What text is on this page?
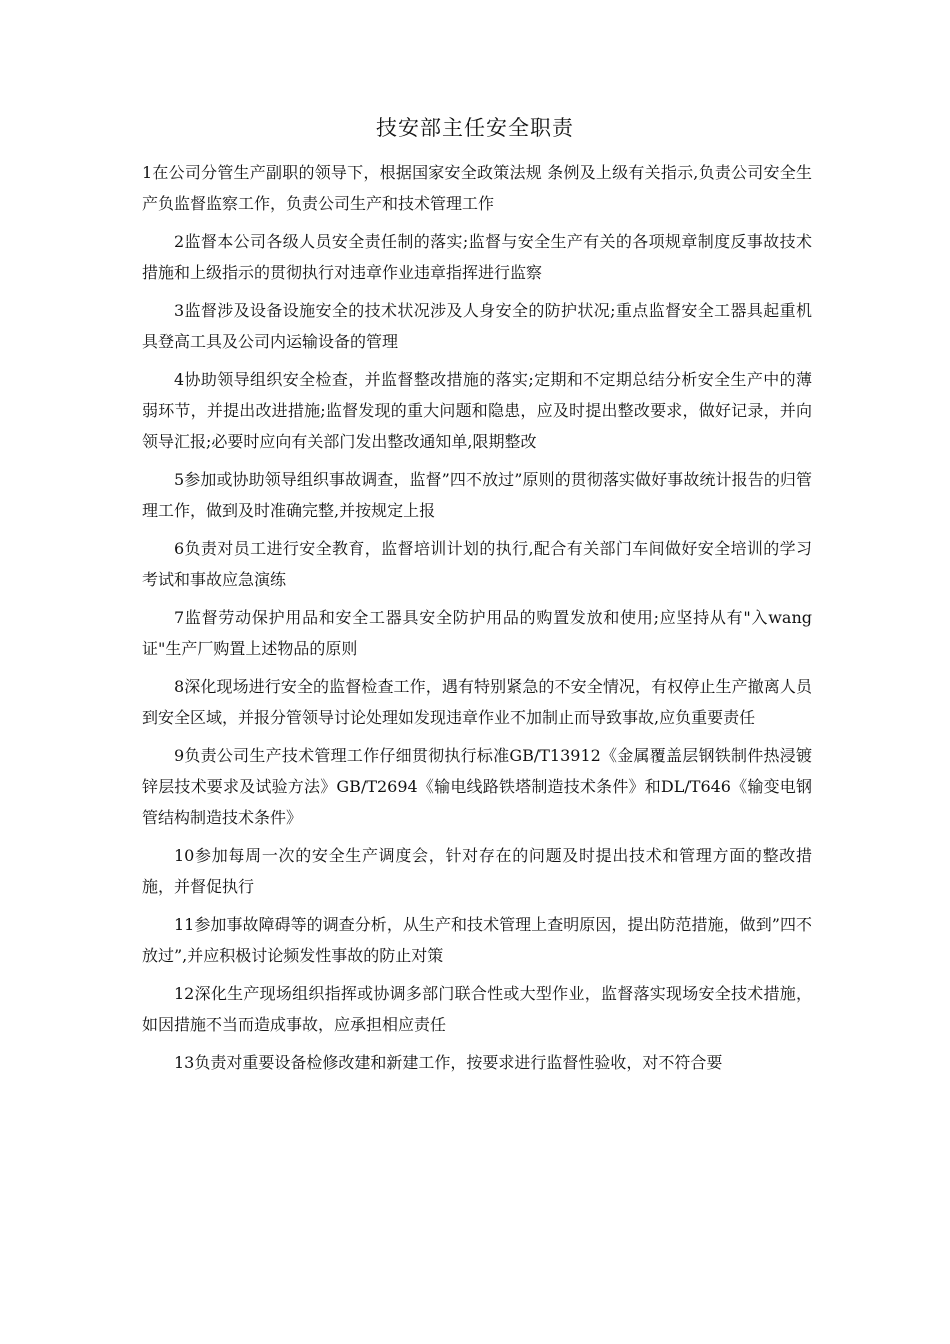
技安部主任安全职责

1在公司分管生产副职的领导下，根据国家安全政策法规 条例及上级有关指示,负责公司安全生产负监督监察工作，负责公司生产和技术管理工作

2监督本公司各级人员安全责任制的落实;监督与安全生产有关的各项规章制度反事故技术措施和上级指示的贯彻执行对违章作业违章指挥进行监察

3监督涉及设备设施安全的技术状况涉及人身安全的防护状况;重点监督安全工器具起重机具登高工具及公司内运输设备的管理

4协助领导组织安全检查，并监督整改措施的落实;定期和不定期总结分析安全生产中的薄弱环节，并提出改进措施;监督发现的重大问题和隐患，应及时提出整改要求，做好记录，并向领导汇报;必要时应向有关部门发出整改通知单,限期整改

5参加或协助领导组织事故调查，监督”四不放过”原则的贯彻落实做好事故统计报告的归管理工作，做到及时准确完整,并按规定上报

6负责对员工进行安全教育，监督培训计划的执行,配合有关部门车间做好安全培训的学习考试和事故应急演练

7监督劳动保护用品和安全工器具安全防护用品的购置发放和使用;应坚持从有"入wang证"生产厂购置上述物品的原则

8深化现场进行安全的监督检查工作，遇有特别紧急的不安全情况，有权停止生产撤离人员到安全区域，并报分管领导讨论处理如发现违章作业不加制止而导致事故,应负重要责任

9负责公司生产技术管理工作仔细贯彻执行标准GB/T13912《金属覆盖层钢铁制件热浸镀锌层技术要求及试验方法》GB/T2694《输电线路铁塔制造技术条件》和DL/T646《输变电钢管结构制造技术条件》

10参加每周一次的安全生产调度会，针对存在的问题及时提出技术和管理方面的整改措施，并督促执行

11参加事故障碍等的调查分析，从生产和技术管理上查明原因，提出防范措施，做到”四不放过”,并应积极讨论频发性事故的防止对策

12深化生产现场组织指挥或协调多部门联合性或大型作业，监督落实现场安全技术措施，如因措施不当而造成事故，应承担相应责任

13负责对重要设备检修改建和新建工作，按要求进行监督性验收，对不符合要
